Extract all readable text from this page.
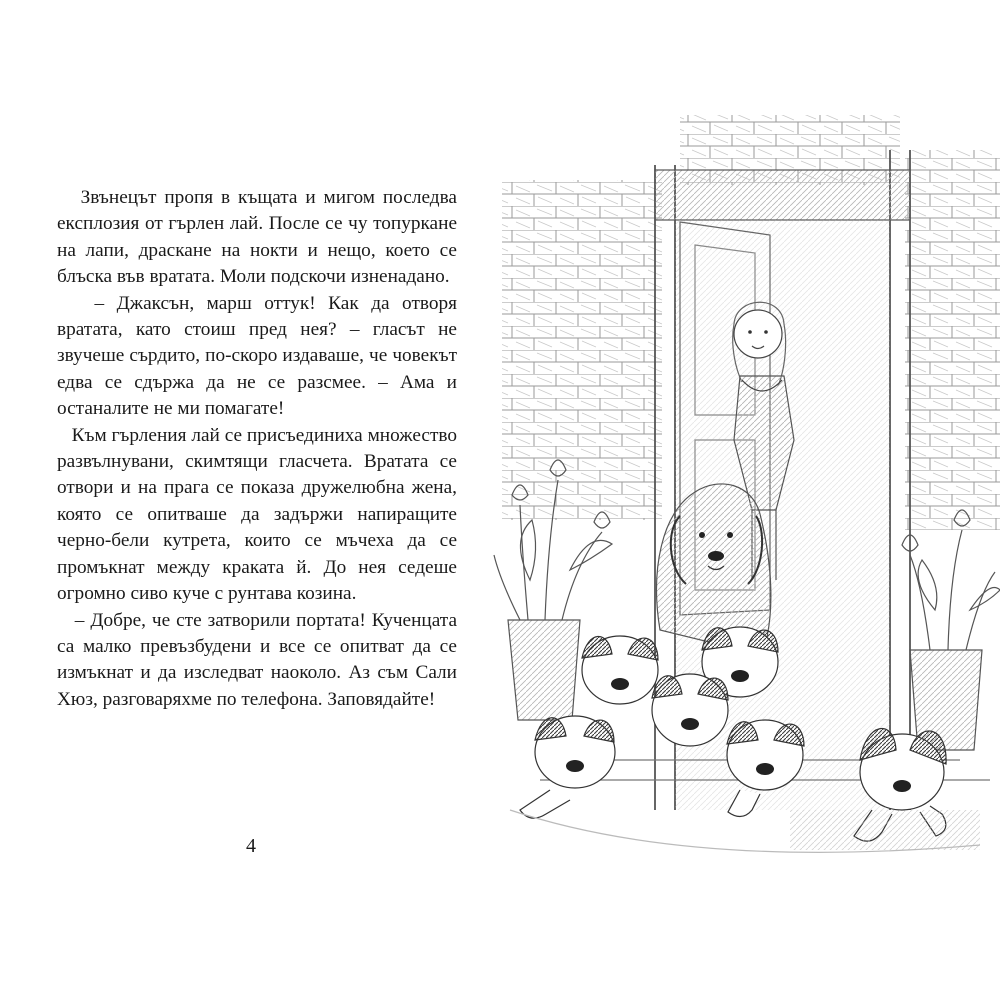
Звънецът пропя в къщата и мигом последва експлозия от гърлен лай. После се чу топуркане на лапи, драскане на нокти и нещо, което се блъска във вратата. Моли подскочи изненадано.

– Джаксън, марш оттук! Как да отворя вратата, като стоиш пред нея? – гласът не звучеше сърдито, по-скоро издаваше, че човекът едва се сдържа да не се разсмее. – Ама и останалите не ми помагате!

Към гърления лай се присъединиха множество развълнувани, скимтящи гласчета. Вратата се отвори и на прага се показа дружелюбна жена, която се опитваше да задържи напиращите черно-бели кутрета, които се мъчеха да се промъкнат между краката й. До нея седеше огромно сиво куче с рунтава козина.

– Добре, че сте затворили портата! Кученцата са малко превъзбудени и все се опитват да се измъкнат и да изследват наоколо. Аз съм Сали Хюз, разговаряхме по телефона. Заповядайте!

4
